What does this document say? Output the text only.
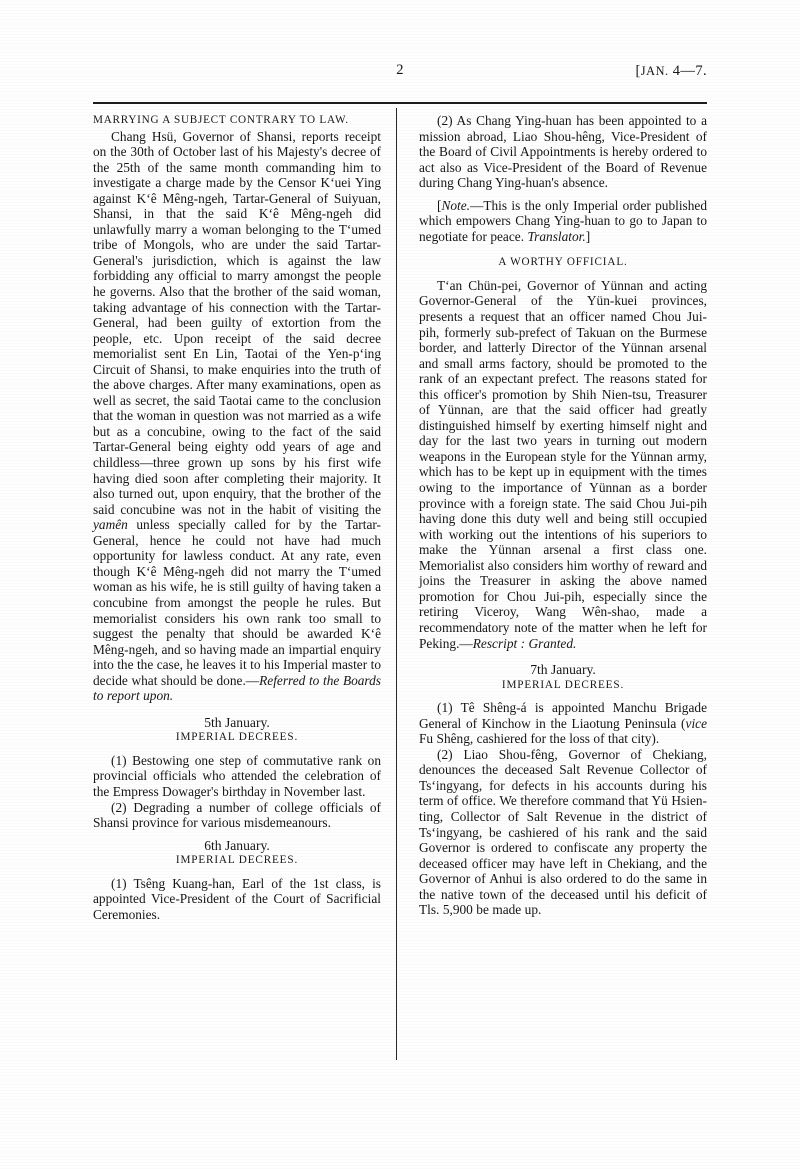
2	[JAN. 4—7.
MARRYING A SUBJECT CONTRARY TO LAW.

Chang Hsü, Governor of Shansi, reports receipt on the 30th of October last of his Majesty's decree of the 25th of the same month commanding him to investigate a charge made by the Censor K‘uei Ying against K‘ê Mêng-ngeh, Tartar-General of Suiyuan, Shansi, in that the said K‘ê Mêng-ngeh did unlawfully marry a woman belonging to the T‘umed tribe of Mongols, who are under the said Tartar-General's jurisdiction, which is against the law forbidding any official to marry amongst the people he governs. Also that the brother of the said woman, taking advantage of his connection with the Tartar-General, had been guilty of extortion from the people, etc. Upon receipt of the said decree memorialist sent En Lin, Taotai of the Yen-p‘ing Circuit of Shansi, to make enquiries into the truth of the above charges. After many examinations, open as well as secret, the said Taotai came to the conclusion that the woman in question was not married as a wife but as a concubine, owing to the fact of the said Tartar-General being eighty odd years of age and childless—three grown up sons by his first wife having died soon after completing their majority. It also turned out, upon enquiry, that the brother of the said concubine was not in the habit of visiting the yamên unless specially called for by the Tartar-General, hence he could not have had much opportunity for lawless conduct. At any rate, even though K‘ê Mêng-ngeh did not marry the T‘umed woman as his wife, he is still guilty of having taken a concubine from amongst the people he rules. But memorialist considers his own rank too small to suggest the penalty that should be awarded K‘ê Mêng-ngeh, and so having made an impartial enquiry into the the case, he leaves it to his Imperial master to decide what should be done.—Referred to the Boards to report upon.

5th January.
IMPERIAL DECREES.

(1) Bestowing one step of commutative rank on provincial officials who attended the celebration of the Empress Dowager's birthday in November last.

(2) Degrading a number of college officials of Shansi province for various misdemeanours.

6th January.
IMPERIAL DECREES.

(1) Tsêng Kuang-han, Earl of the 1st class, is appointed Vice-President of the Court of Sacrificial Ceremonies.

(2) As Chang Ying-huan has been appointed to a mission abroad, Liao Shou-hêng, Vice-President of the Board of Civil Appointments is hereby ordered to act also as Vice-President of the Board of Revenue during Chang Ying-huan's absence.

[Note.—This is the only Imperial order published which empowers Chang Ying-huan to go to Japan to negotiate for peace. Translator.]

A WORTHY OFFICIAL.

T‘an Chün-pei, Governor of Yünnan and acting Governor-General of the Yün-kuei provinces, presents a request that an officer named Chou Jui-pih, formerly sub-prefect of Takuan on the Burmese border, and latterly Director of the Yünnan arsenal and small arms factory, should be promoted to the rank of an expectant prefect. The reasons stated for this officer's promotion by Shih Nien-tsu, Treasurer of Yünnan, are that the said officer had greatly distinguished himself by exerting himself night and day for the last two years in turning out modern weapons in the European style for the Yünnan army, which has to be kept up in equipment with the times owing to the importance of Yünnan as a border province with a foreign state. The said Chou Jui-pih having done this duty well and being still occupied with working out the intentions of his superiors to make the Yünnan arsenal a first class one. Memorialist also considers him worthy of reward and joins the Treasurer in asking the above named promotion for Chou Jui-pih, especially since the retiring Viceroy, Wang Wên-shao, made a recommendatory note of the matter when he left for Peking.—Rescript : Granted.

7th January.
IMPERIAL DECREES.

(1) Tê Shêng-á is appointed Manchu Brigade General of Kinchow in the Liaotung Peninsula (vice Fu Shêng, cashiered for the loss of that city).

(2) Liao Shou-fêng, Governor of Chekiang, denounces the deceased Salt Revenue Collector of Ts‘ingyang, for defects in his accounts during his term of office. We therefore command that Yü Hsien-ting, Collector of Salt Revenue in the district of Ts‘ingyang, be cashiered of his rank and the said Governor is ordered to confiscate any property the deceased officer may have left in Chekiang, and the Governor of Anhui is also ordered to do the same in the native town of the deceased until his deficit of Tls. 5,900 be made up.
